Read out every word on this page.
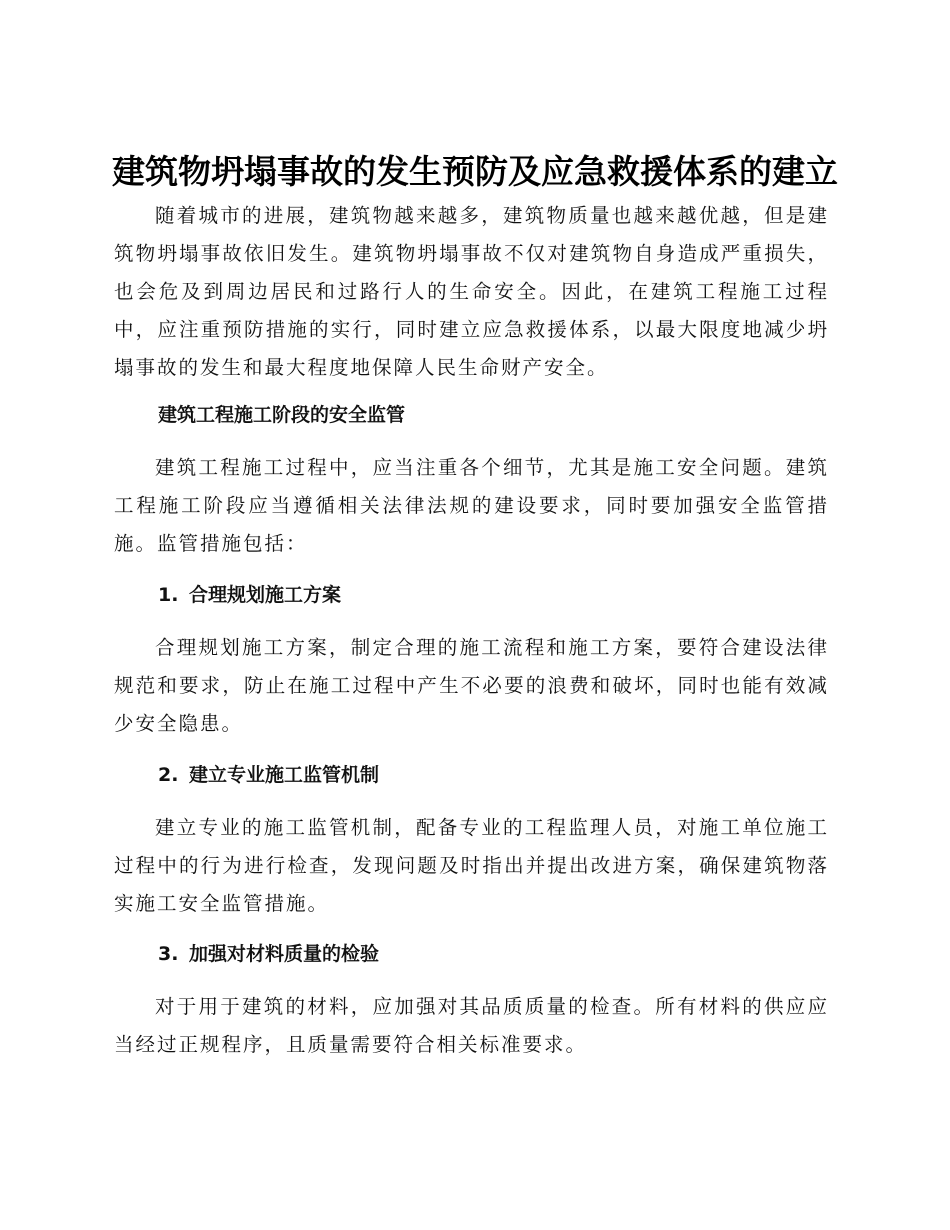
建筑物坍塌事故的发生预防及应急救援体系的建立

随着城市的进展，建筑物越来越多，建筑物质量也越来越优越，但是建筑物坍塌事故依旧发生。建筑物坍塌事故不仅对建筑物自身造成严重损失，也会危及到周边居民和过路行人的生命安全。因此，在建筑工程施工过程中，应注重预防措施的实行，同时建立应急救援体系，以最大限度地减少坍塌事故的发生和最大程度地保障人民生命财产安全。

建筑工程施工阶段的安全监管

建筑工程施工过程中，应当注重各个细节，尤其是施工安全问题。建筑工程施工阶段应当遵循相关法律法规的建设要求，同时要加强安全监管措施。监管措施包括：

1. 合理规划施工方案

合理规划施工方案，制定合理的施工流程和施工方案，要符合建设法律规范和要求，防止在施工过程中产生不必要的浪费和破坏，同时也能有效减少安全隐患。

2. 建立专业施工监管机制

建立专业的施工监管机制，配备专业的工程监理人员，对施工单位施工过程中的行为进行检查，发现问题及时指出并提出改进方案，确保建筑物落实施工安全监管措施。

3. 加强对材料质量的检验

对于用于建筑的材料，应加强对其品质质量的检查。所有材料的供应应当经过正规程序，且质量需要符合相关标准要求。
